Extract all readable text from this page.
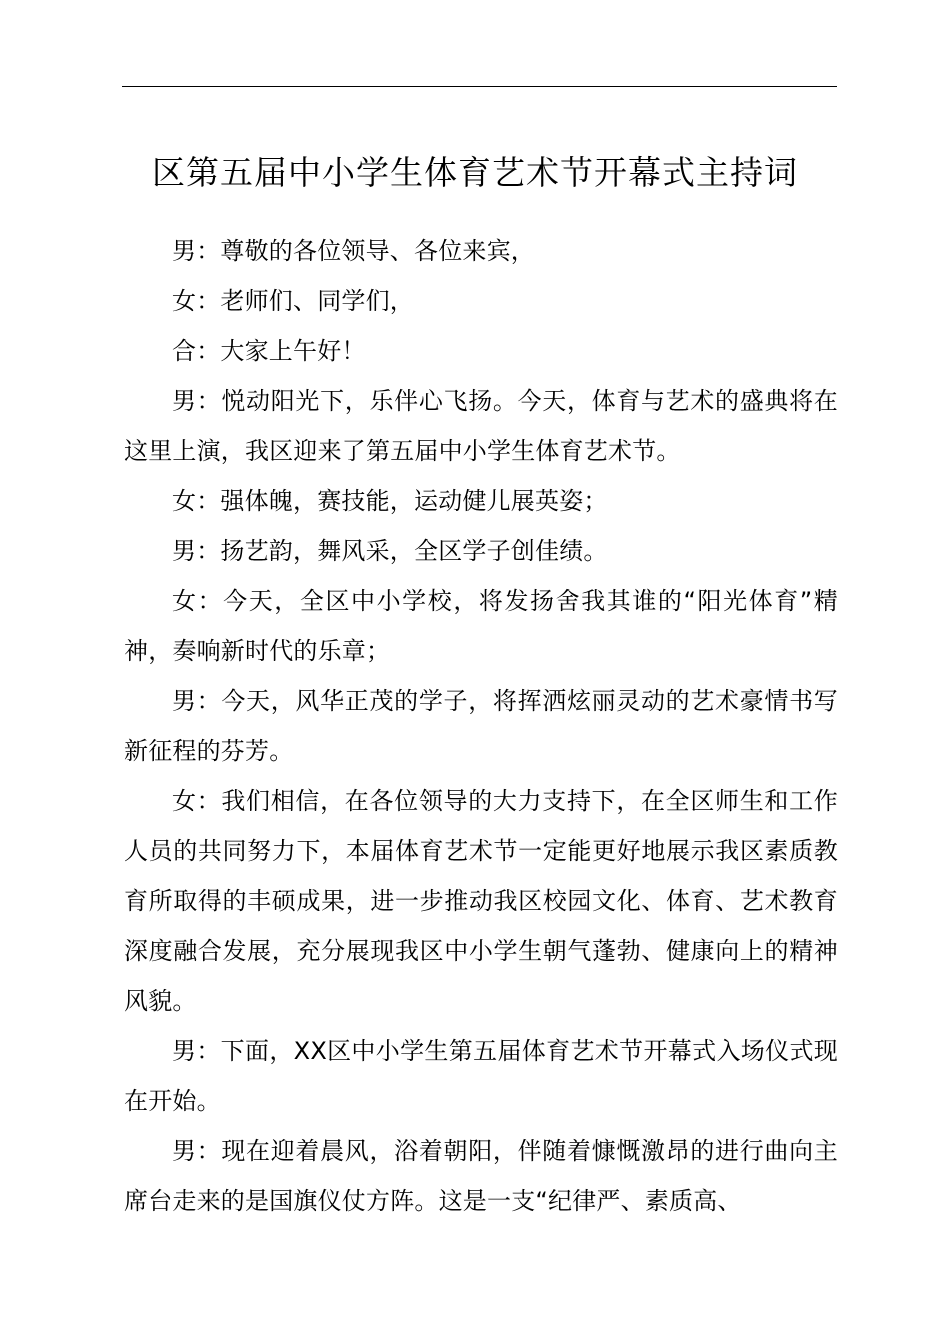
区第五届中小学生体育艺术节开幕式主持词

男：尊敬的各位领导、各位来宾，

女：老师们、同学们，

合：大家上午好！

男：悦动阳光下，乐伴心飞扬。今天，体育与艺术的盛典将在这里上演，我区迎来了第五届中小学生体育艺术节。

女：强体魄，赛技能，运动健儿展英姿；

男：扬艺韵，舞风采，全区学子创佳绩。

女：今天，全区中小学校，将发扬舍我其谁的“阳光体育”精神，奏响新时代的乐章；

男：今天，风华正茂的学子，将挥洒炫丽灵动的艺术豪情书写新征程的芬芳。

女：我们相信，在各位领导的大力支持下，在全区师生和工作人员的共同努力下，本届体育艺术节一定能更好地展示我区素质教育所取得的丰硕成果，进一步推动我区校园文化、体育、艺术教育深度融合发展，充分展现我区中小学生朝气蓬勃、健康向上的精神风貌。

男：下面，XX区中小学生第五届体育艺术节开幕式入场仪式现在开始。

男：现在迎着晨风，浴着朝阳，伴随着慷慨激昂的进行曲向主席台走来的是国旗仪仗方阵。这是一支“纪律严、素质高、
